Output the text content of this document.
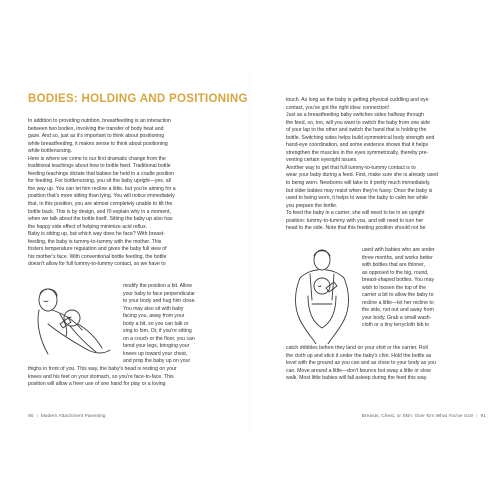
BODIES: HOLDING AND POSITIONING
In addition to providing nutrition, breastfeeding is an interaction
between two bodies, involving the transfer of body heat and
gaze. And so, just as it's important to think about positioning
while breastfeeding, it makes sense to think about positioning
while bottlenursing.
Here is where we come to our first dramatic change from the
traditional teachings about how to bottle feed. Traditional bottle
feeding teachings dictate that babies be held in a cradle position
for feeding. For bottlenursing, you sit the baby upright—yes, all
the way up. You can let him recline a little, but you're aiming for a
position that's more sitting than lying. You will notice immediately
that, in this position, you are almost completely unable to tilt the
bottle back. This is by design, and I'll explain why in a moment,
when we talk about the bottle itself. Sitting the baby up also has
the happy side effect of helping minimize acid reflux.
Baby is sitting up, but which way does he face? With breast-
feeding, the baby is tummy-to-tummy with the mother. This
fosters temperature regulation and gives the baby full view of
his mother's face. With conventional bottle feeding, the bottle
doesn't allow for full tummy-to-tummy contact, so we have to
modify the position a bit. Allow
your baby to face perpendicular
to your body and hug him close.
You may also sit with baby
facing you, away from your
body a bit, so you can talk or
sing to him. Or, if you're sitting
on a couch or the floor, you can
bend your legs, bringing your
knees up toward your chest,
and prop the baby up on your
thighs in front of you. This way, the baby's head is resting on your
knees and his feet on your stomach, so you're face-to-face. This
position will allow a freer use of one hand for play or a loving
90 | Modern Attachment Parenting
touch. As long as the baby is getting physical cuddling and eye
contact, you've got the right idea: connection!
Just as a breastfeeding baby switches sides halfway through
the feed, so, too, will you want to switch the baby from one side
of your lap to the other and switch the hand that is holding the
bottle. Switching sides helps build symmetrical body strength and
hand-eye coordination, and some evidence shows that it helps
strengthen the muscles in the eyes symmetrically, thereby pre-
venting certain eyesight issues.
Another way to get that full tummy-to-tummy contact is to
wear your baby during a feed. First, make sure she is already used
to being worn. Newborns will take to it pretty much immediately,
but older babies may resist when they're fussy. Once the baby is
used to being worn, it helps to wear the baby to calm her while
you prepare the bottle.
To feed the baby in a carrier, she will need to be in an upright
position: tummy-to-tummy with you, and will need to turn her
head to the side. Note that this feeding position should not be
used with babies who are under
three months, and works better
with bottles that are thinner,
as opposed to the big, round,
breast-shaped bottles. You may
wish to loosen the top of the
carrier a bit to allow the baby to
recline a little—let her recline to
the side, not out and away from
your body. Grab a small wash-
cloth or a tiny terrycloth bib to
catch dribbles before they land on your shirt or the carrier. Roll
the cloth up and stick it under the baby's chin. Hold the bottle as
level with the ground as you can and as close to your body as you
can. Move around a little—don't bounce but sway a little or slow
walk. Most little babies will fall asleep during the feed this way.
Breasts, Chest, or Skin: Give 'Em What You've Got! | 91
